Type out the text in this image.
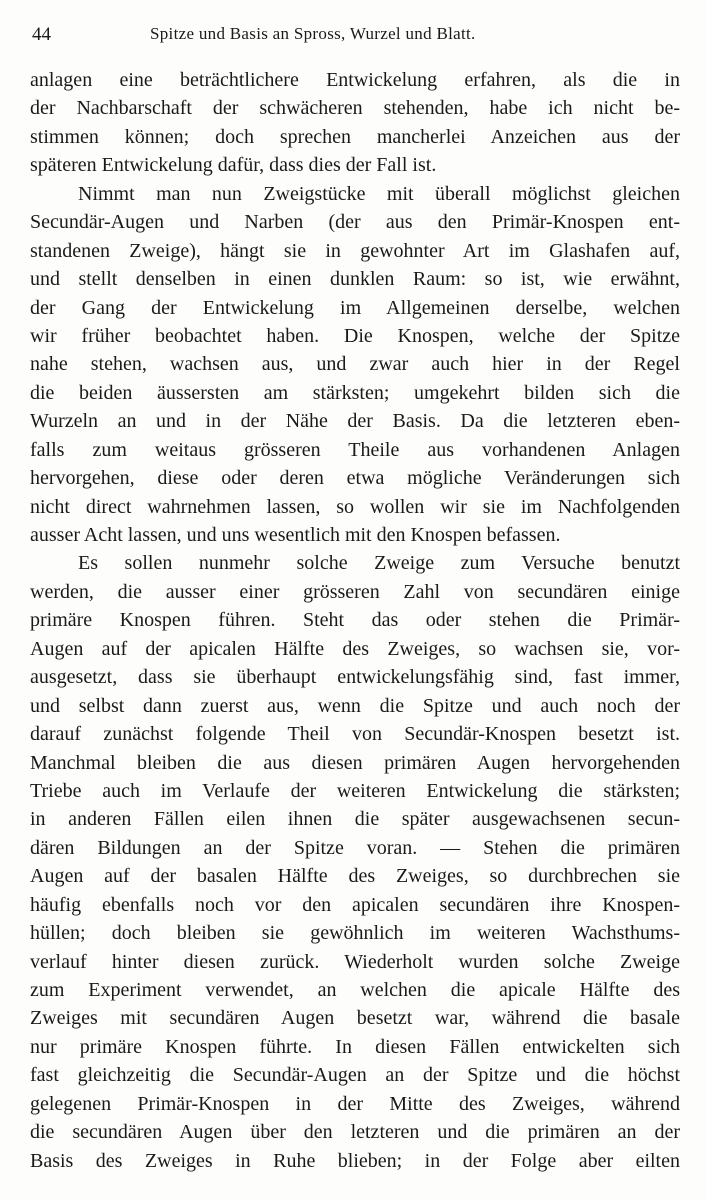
44	Spitze und Basis an Spross, Wurzel und Blatt.
anlagen eine beträchtlichere Entwickelung erfahren, als die in
der Nachbarschaft der schwächeren stehenden, habe ich nicht be-
stimmen können; doch sprechen mancherlei Anzeichen aus der
späteren Entwickelung dafür, dass dies der Fall ist.
Nimmt man nun Zweigstücke mit überall möglichst gleichen
Secundär-Augen und Narben (der aus den Primär-Knospen ent-
standenen Zweige), hängt sie in gewohnter Art im Glashafen auf,
und stellt denselben in einen dunklen Raum: so ist, wie erwähnt,
der Gang der Entwickelung im Allgemeinen derselbe, welchen
wir früher beobachtet haben. Die Knospen, welche der Spitze
nahe stehen, wachsen aus, und zwar auch hier in der Regel
die beiden äussersten am stärksten; umgekehrt bilden sich die
Wurzeln an und in der Nähe der Basis. Da die letzteren eben-
falls zum weitaus grösseren Theile aus vorhandenen Anlagen
hervorgehen, diese oder deren etwa mögliche Veränderungen sich
nicht direct wahrnehmen lassen, so wollen wir sie im Nachfolgenden
ausser Acht lassen, und uns wesentlich mit den Knospen befassen.
Es sollen nunmehr solche Zweige zum Versuche benutzt
werden, die ausser einer grösseren Zahl von secundären einige
primäre Knospen führen. Steht das oder stehen die Primär-
Augen auf der apicalen Hälfte des Zweiges, so wachsen sie, vor-
ausgesetzt, dass sie überhaupt entwickelungsfähig sind, fast immer,
und selbst dann zuerst aus, wenn die Spitze und auch noch der
darauf zunächst folgende Theil von Secundär-Knospen besetzt ist.
Manchmal bleiben die aus diesen primären Augen hervorgehenden
Triebe auch im Verlaufe der weiteren Entwickelung die stärksten;
in anderen Fällen eilen ihnen die später ausgewachsenen secun-
dären Bildungen an der Spitze voran. — Stehen die primären
Augen auf der basalen Hälfte des Zweiges, so durchbrechen sie
häufig ebenfalls noch vor den apicalen secundären ihre Knospen-
hüllen; doch bleiben sie gewöhnlich im weiteren Wachsthums-
verlauf hinter diesen zurück. Wiederholt wurden solche Zweige
zum Experiment verwendet, an welchen die apicale Hälfte des
Zweiges mit secundären Augen besetzt war, während die basale
nur primäre Knospen führte. In diesen Fällen entwickelten sich
fast gleichzeitig die Secundär-Augen an der Spitze und die höchst
gelegenen Primär-Knospen in der Mitte des Zweiges, während
die secundären Augen über den letzteren und die primären an der
Basis des Zweiges in Ruhe blieben; in der Folge aber eilten
